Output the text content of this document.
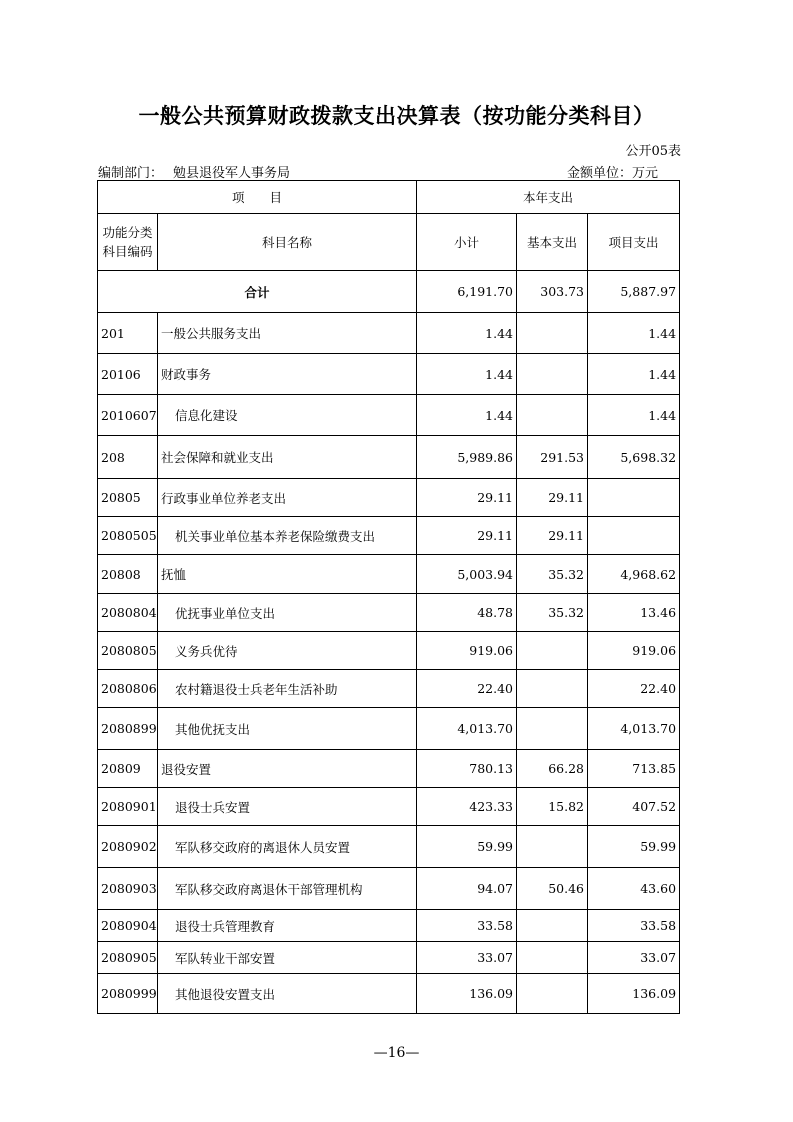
一般公共预算财政拨款支出决算表（按功能分类科目）
公开05表
编制部门： 勉县退役军人事务局	金额单位：万元
项　　目		本年支出		

功能分类
科目编码	科目名称	小计	基本支出	项目支出
合计		6,191.70	303.73	5,887.97
201	一般公共服务支出	1.44		1.44
20106	财政事务	1.44		1.44
2010607	信息化建设	1.44		1.44
208	社会保障和就业支出	5,989.86	291.53	5,698.32
20805	行政事业单位养老支出	29.11	29.11	
2080505	机关事业单位基本养老保险缴费支出	29.11	29.11	
20808	抚恤	5,003.94	35.32	4,968.62
2080804	优抚事业单位支出	48.78	35.32	13.46
2080805	义务兵优待	919.06		919.06
2080806	农村籍退役士兵老年生活补助	22.40		22.40
2080899	其他优抚支出	4,013.70		4,013.70
20809	退役安置	780.13	66.28	713.85
2080901	退役士兵安置	423.33	15.82	407.52
2080902	军队移交政府的离退休人员安置	59.99		59.99
2080903	军队移交政府离退休干部管理机构	94.07	50.46	43.60
2080904	退役士兵管理教育	33.58		33.58
2080905	军队转业干部安置	33.07		33.07
2080999	其他退役安置支出	136.09		136.09
—16—
